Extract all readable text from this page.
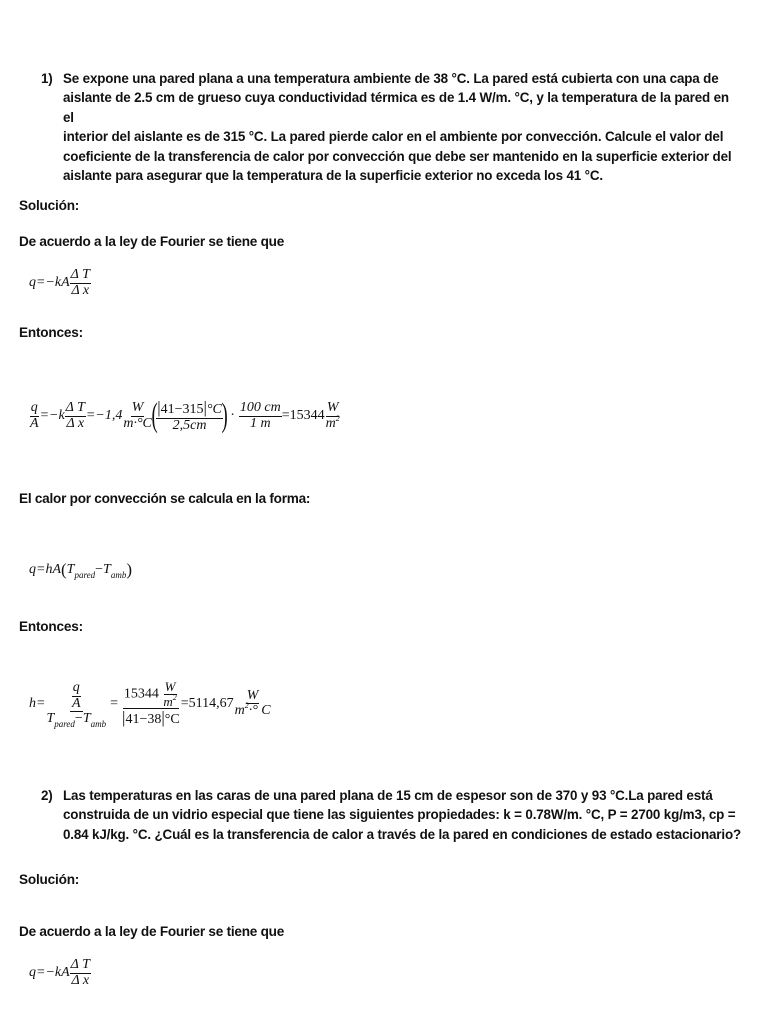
1) Se expone una pared plana a una temperatura ambiente de 38 °C. La pared está cubierta con una capa de
aislante de 2.5 cm de grueso cuya conductividad térmica es de 1.4 W/m. °C, y la temperatura de la pared en el
interior del aislante es de 315 °C. La pared pierde calor en el ambiente por convección. Calcule el valor del
coeficiente de la transferencia de calor por convección que debe ser mantenido en la superficie exterior del
aislante para asegurar que la temperatura de la superficie exterior no exceda los 41 °C.
Solución:
De acuerdo a la ley de Fourier se tiene que
$q=-kA \frac{\text{Δ T}}{\text{Δ x}}$
Entonces:
$\frac{q}{A} =-k \frac{\text{Δ T}}{\text{Δ x}} =-1,4 \frac{W}{m\cdot^\circ C}$
(
$\frac{|41-315|^\circ C}{2,5cm}$
) · $\frac{100 cm}{1 m} =15344 \frac{W}{m^2}$
El calor por convección se calcula en la forma:
q=hA ( T pared − T amb )
Entonces:
$h= \frac{\frac{q}{A}}{T_{pared}-T_{amb}} = \frac{15344 \frac{W}{m^2}}{|41-38|^\circ C} =5114,67 \frac{W}{m^2\cdot^\circ C}$
2) Las temperaturas en las caras de una pared plana de 15 cm de espesor son de 370 y 93 °C.La pared está
construida de un vidrio especial que tiene las siguientes propiedades: k = 0.78W/m. °C, P = 2700 kg/m3, cp =
0.84 kJ/kg. °C. ¿Cuál es la transferencia de calor a través de la pared en condiciones de estado estacionario?
Solución:
De acuerdo a la ley de Fourier se tiene que
$q=-kA \frac{\text{Δ T}}{\text{Δ x}}$
